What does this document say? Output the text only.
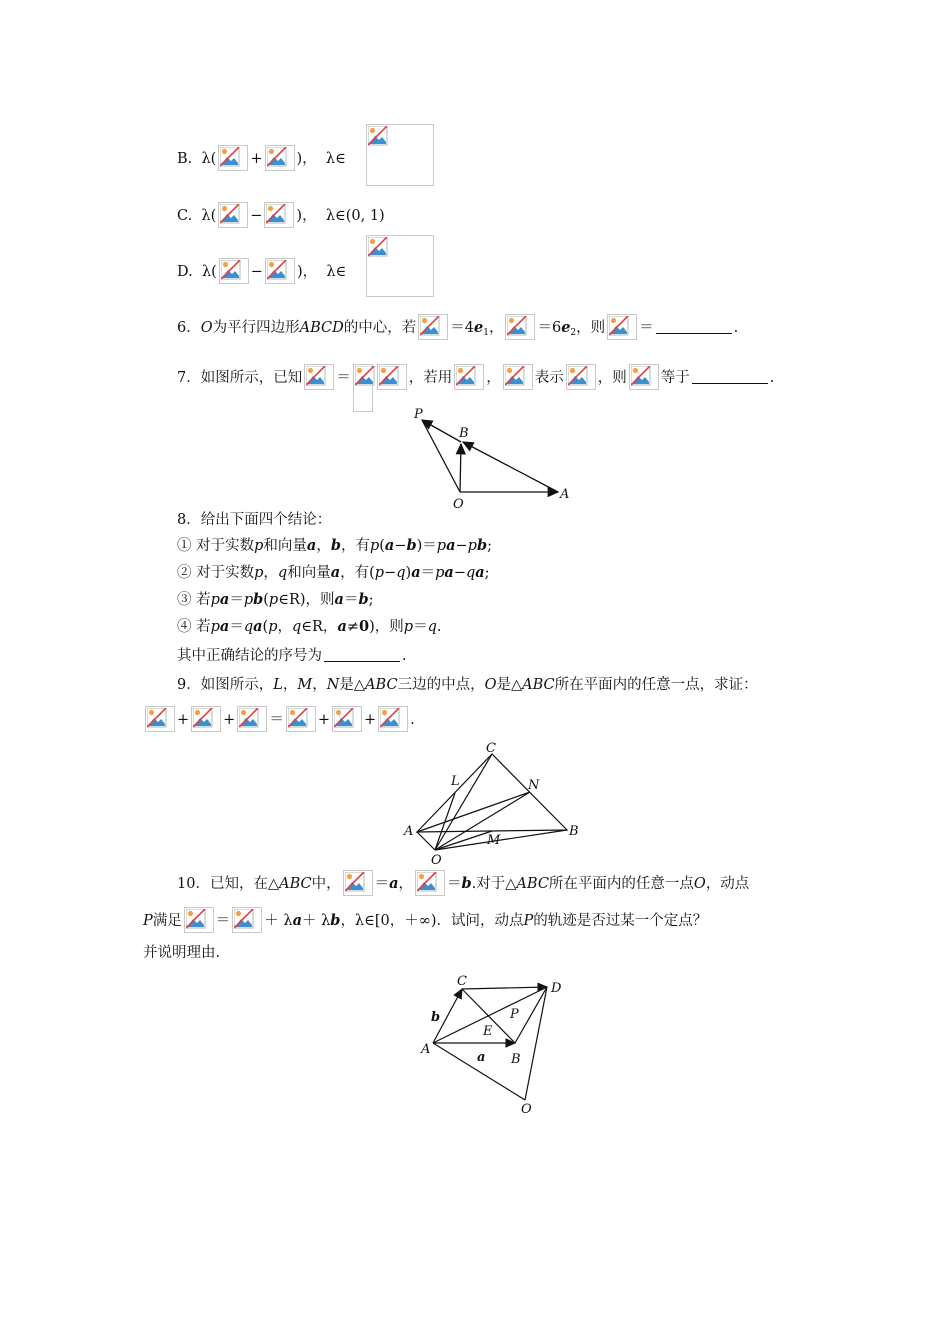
B. λ( + )， λ∈
C. λ( − )， λ∈(0, 1)
D. λ( − )， λ∈
6．O为平行四边形ABCD的中心，若 $=4e_1$， $=6e_2$，则 ＝	.
7．如图所示，已知 ＝	，若用 ， 表示 ，则 等于	.
P
B
O
A
8．给出下面四个结论：
① 对于实数p和向量a，b，有p(a−b)＝pa−pb;
② 对于实数p，q和向量a，有(p−q)a＝pa−qa;
③ 若pa＝pb(p∈R)，则a＝b;
④ 若pa＝qa(p，q∈R，a≠0)，则p＝q.
其中正确结论的序号为	.
9．如图所示，L，M，N是△ABC三边的中点，O是△ABC所在平面内的任意一点，求证：
+ + ＝ + + .
C
L	N
A
M
B
O
10．已知，在△ABC中， ＝a， ＝b.对于△ABC所在平面内的任意一点O，动点
P满足 ＝ ＋ λa＋ λb，λ∈[0，＋∞)．试问，动点P的轨迹是否过某一个定点？
并说明理由.
C	D
b	P
E
A
a B
O
